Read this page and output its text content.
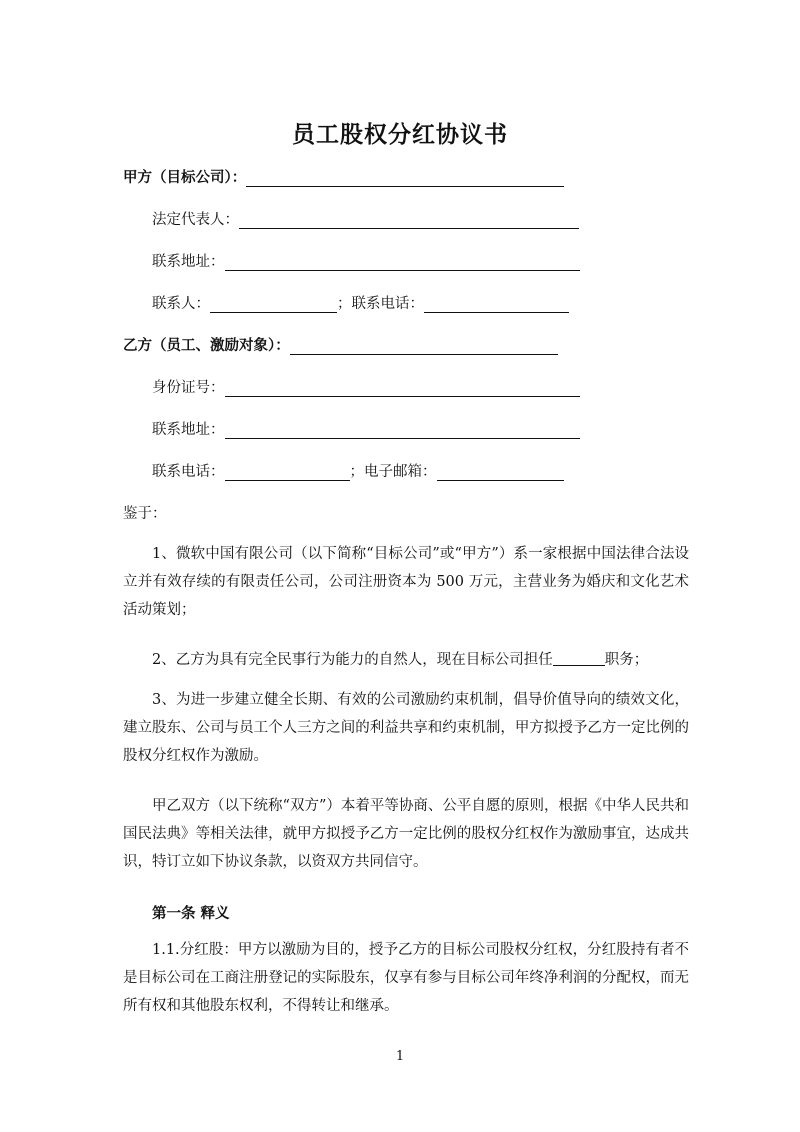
员工股权分红协议书
甲方（目标公司）：
法定代表人：
联系地址：
联系人：	； 联系电话：
乙方（员工、激励对象）：
身份证号：
联系地址：
联系电话：	； 电子邮箱：
鉴于：
1、微软中国有限公司（以下简称“目标公司”或“甲方”）系一家根据中国法律合法设立并有效存续的有限责任公司，公司注册资本为 500 万元，主营业务为婚庆和文化艺术活动策划；
2、乙方为具有完全民事行为能力的自然人，现在目标公司担任	职务；
3、为进一步建立健全长期、有效的公司激励约束机制，倡导价值导向的绩效文化，建立股东、公司与员工个人三方之间的利益共享和约束机制，甲方拟授予乙方一定比例的股权分红权作为激励。
甲乙双方（以下统称“双方”）本着平等协商、公平自愿的原则，根据《中华人民共和国民法典》等相关法律，就甲方拟授予乙方一定比例的股权分红权作为激励事宜，达成共识，特订立如下协议条款，以资双方共同信守。
第一条 释义
1.1.分红股：甲方以激励为目的，授予乙方的目标公司股权分红权，分红股持有者不是目标公司在工商注册登记的实际股东，仅享有参与目标公司年终净利润的分配权，而无所有权和其他股东权利，不得转让和继承。
1
